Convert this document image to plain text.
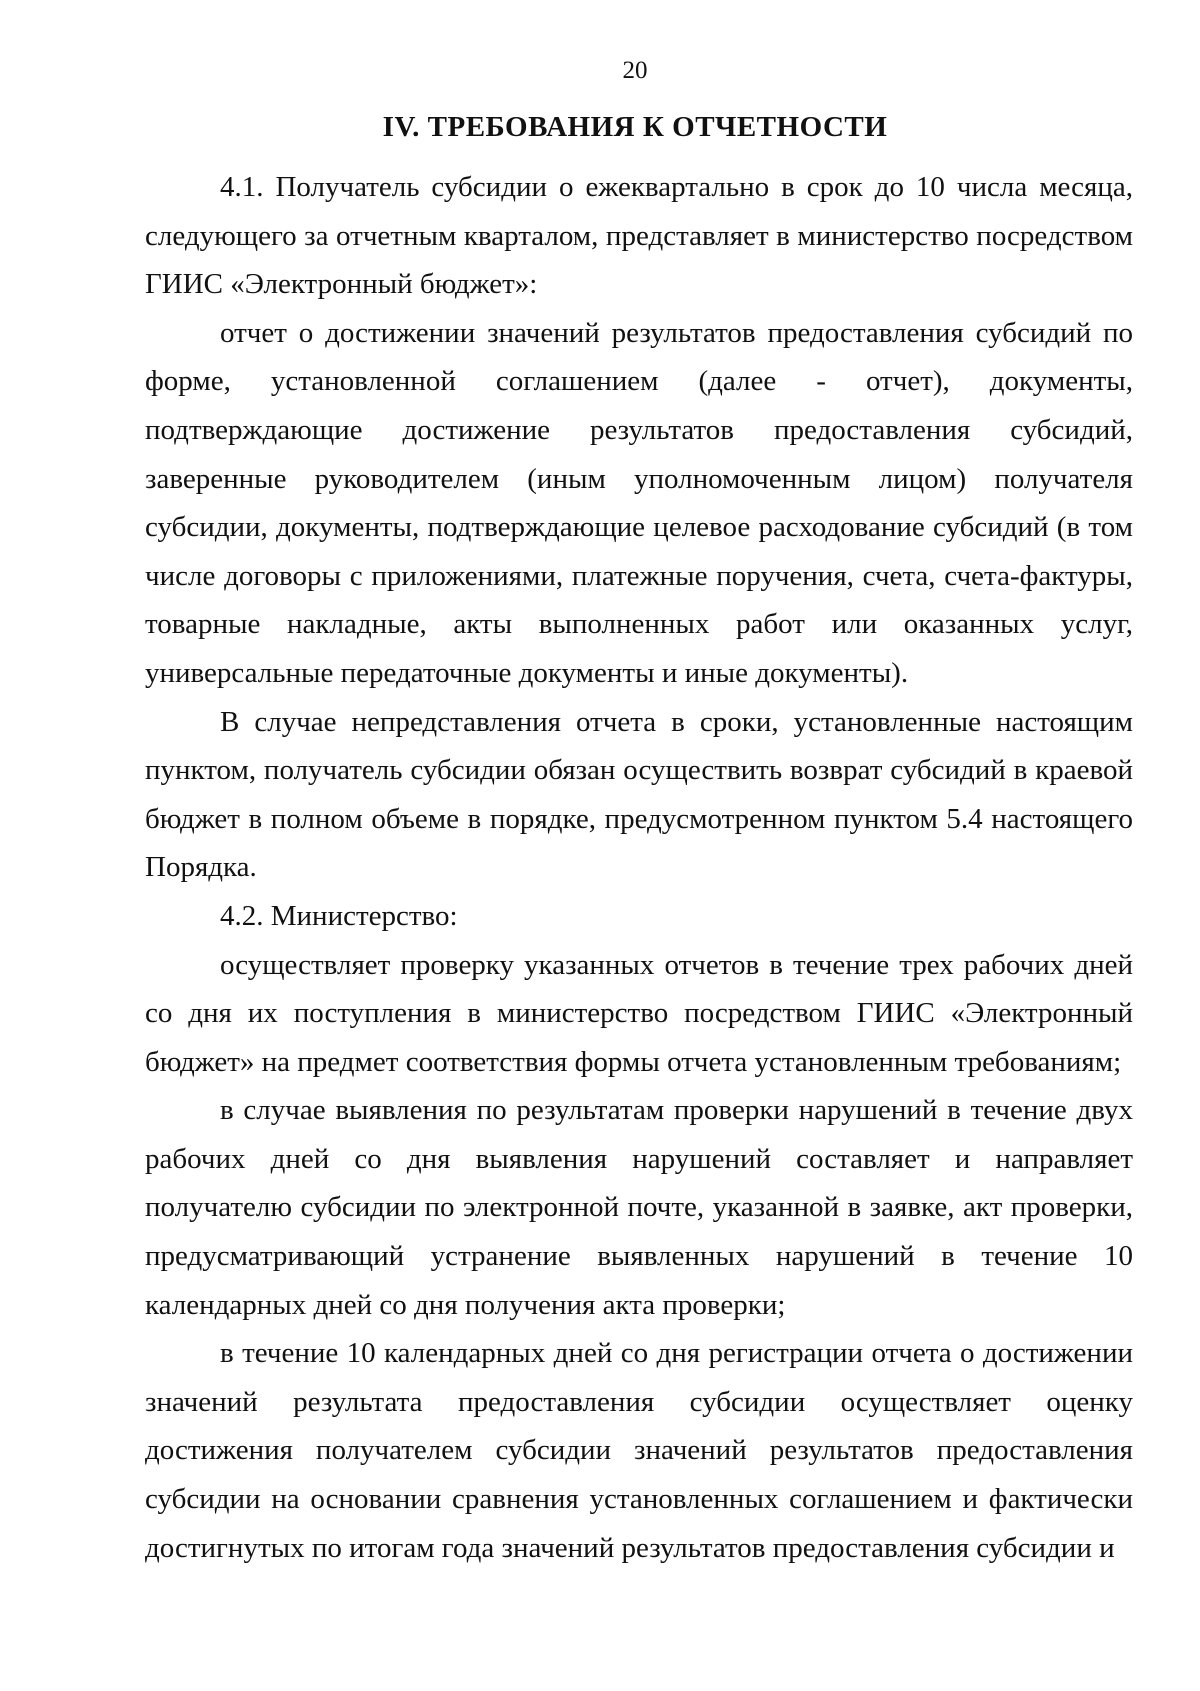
20
IV. ТРЕБОВАНИЯ К ОТЧЕТНОСТИ

4.1. Получатель субсидии о ежеквартально в срок до 10 числа месяца, следующего за отчетным кварталом, представляет в министерство посредством ГИИС «Электронный бюджет»:

отчет о достижении значений результатов предоставления субсидий по форме, установленной соглашением (далее - отчет), документы, подтверждающие достижение результатов предоставления субсидий, заверенные руководителем (иным уполномоченным лицом) получателя субсидии, документы, подтверждающие целевое расходование субсидий (в том числе договоры с приложениями, платежные поручения, счета, счета-фактуры, товарные накладные, акты выполненных работ или оказанных услуг, универсальные передаточные документы и иные документы).

В случае непредставления отчета в сроки, установленные настоящим пунктом, получатель субсидии обязан осуществить возврат субсидий в краевой бюджет в полном объеме в порядке, предусмотренном пунктом 5.4 настоящего Порядка.

4.2. Министерство:

осуществляет проверку указанных отчетов в течение трех рабочих дней со дня их поступления в министерство посредством ГИИС «Электронный бюджет» на предмет соответствия формы отчета установленным требованиям;

в случае выявления по результатам проверки нарушений в течение двух рабочих дней со дня выявления нарушений составляет и направляет получателю субсидии по электронной почте, указанной в заявке, акт проверки, предусматривающий устранение выявленных нарушений в течение 10 календарных дней со дня получения акта проверки;

в течение 10 календарных дней со дня регистрации отчета о достижении значений результата предоставления субсидии осуществляет оценку достижения получателем субсидии значений результатов предоставления субсидии на основании сравнения установленных соглашением и фактически достигнутых по итогам года значений результатов предоставления субсидии и
